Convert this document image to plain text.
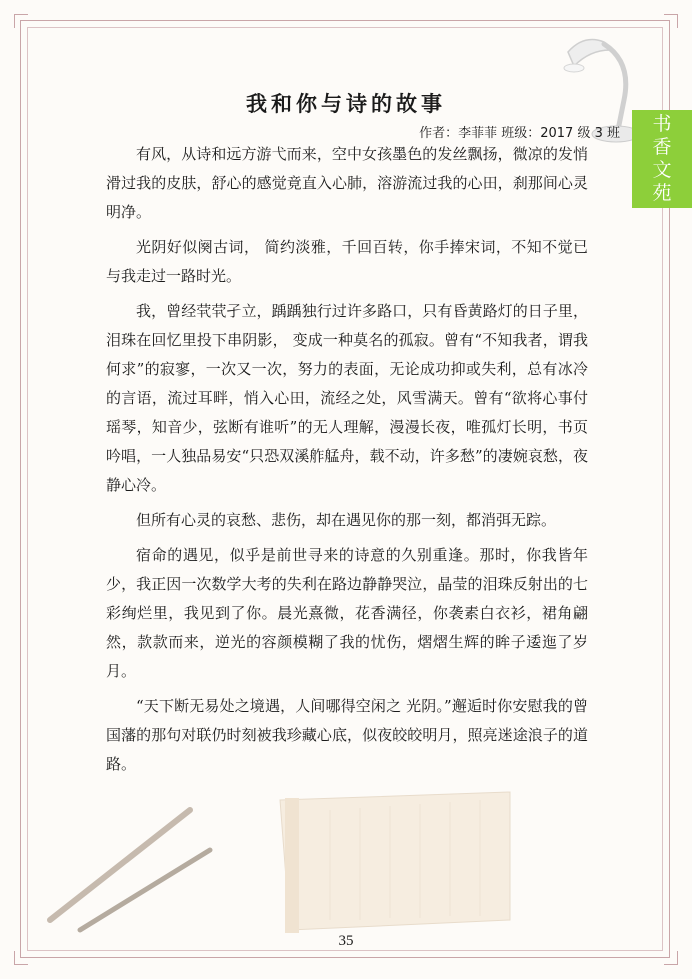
书
香
文
苑
我和你与诗的故事
作者：李菲菲 班级：2017 级 3 班

有风，从诗和远方游弋而来，空中女孩墨色的发丝飘扬，微凉的发悄滑过我的皮肤，舒心的感觉竟直入心肺，溶游流过我的心田，刹那间心灵明净。

光阴好似阕古词， 简约淡雅，千回百转，你手捧宋词，不知不觉已与我走过一路时光。

我，曾经茕茕孑立，踽踽独行过许多路口，只有昏黄路灯的日子里，泪珠在回忆里投下串阴影， 变成一种莫名的孤寂。曾有“不知我者，谓我何求”的寂寥，一次又一次，努力的表面，无论成功抑或失利，总有冰冷的言语，流过耳畔，悄入心田，流经之处，风雪满天。曾有“欲将心事付瑶琴，知音少，弦断有谁听”的无人理解，漫漫长夜，唯孤灯长明，书页吟唱，一人独品易安“只恐双溪舴艋舟，载不动，许多愁”的凄婉哀愁，夜静心冷。

但所有心灵的哀愁、悲伤，却在遇见你的那一刻，都消弭无踪。

宿命的遇见，似乎是前世寻来的诗意的久别重逢。那时，你我皆年少，我正因一次数学大考的失利在路边静静哭泣，晶莹的泪珠反射出的七彩绚烂里，我见到了你。晨光熹微，花香满径，你袭素白衣衫，裙角翩然，款款而来，逆光的容颜模糊了我的忧伤，熠熠生辉的眸子逶迤了岁月。

“天下断无易处之境遇，人间哪得空闲之 光阴。”邂逅时你安慰我的曾国藩的那句对联仍时刻被我珍藏心底，似夜皎皎明月，照亮迷途浪子的道路。

35
